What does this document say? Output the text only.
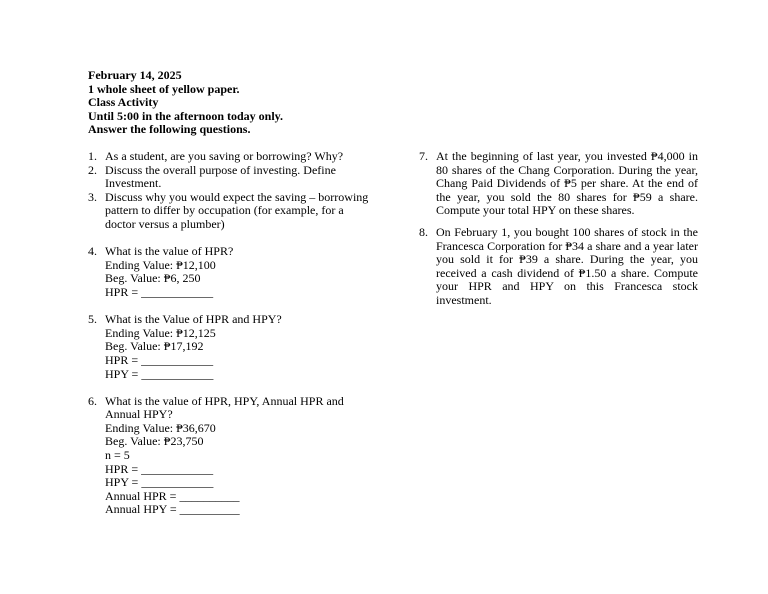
February 14, 2025
1 whole sheet of yellow paper.
Class Activity
Until 5:00 in the afternoon today only.
Answer the following questions.
1. As a student, are you saving or borrowing? Why?
2. Discuss the overall purpose of investing. Define
Investment.
3. Discuss why you would expect the saving – borrowing
pattern to differ by occupation (for example, for a
doctor versus a plumber)
4. What is the value of HPR?
Ending Value: ₱12,100
Beg. Value: ₱6, 250
HPR = ____________
5. What is the Value of HPR and HPY?
Ending Value: ₱12,125
Beg. Value: ₱17,192
HPR = ____________
HPY = ____________
6. What is the value of HPR, HPY, Annual HPR and
Annual HPY?
Ending Value: ₱36,670
Beg. Value: ₱23,750
n = 5
HPR = ____________
HPY = ____________
Annual HPR = __________
Annual HPY = __________
7. At the beginning of last year, you invested ₱4,000 in 80 shares of the Chang Corporation. During the year, Chang Paid Dividends of ₱5 per share. At the end of the year, you sold the 80 shares for ₱59 a share. Compute your total HPY on these shares.
8. On February 1, you bought 100 shares of stock in the Francesca Corporation for ₱34 a share and a year later you sold it for ₱39 a share. During the year, you received a cash dividend of ₱1.50 a share. Compute your HPR and HPY on this Francesca stock investment.
